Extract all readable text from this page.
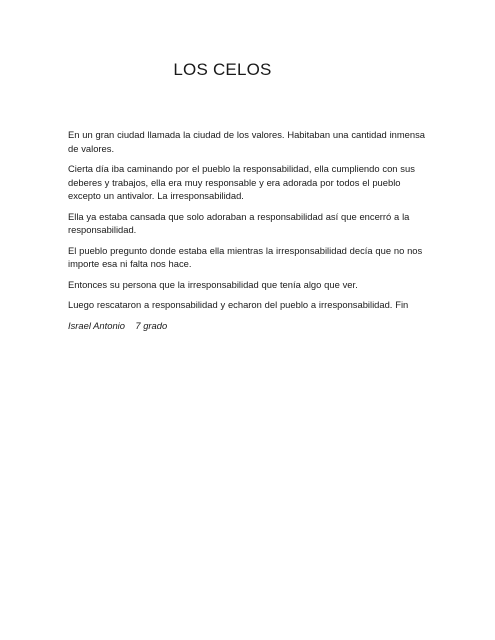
LOS CELOS

En un gran ciudad llamada la ciudad de los valores. Habitaban una cantidad inmensa de valores.

Cierta día iba caminando por el pueblo la responsabilidad, ella cumpliendo con sus deberes y trabajos, ella era muy responsable y era adorada por todos el pueblo excepto un antivalor. La irresponsabilidad.

Ella ya estaba cansada que solo adoraban a responsabilidad así que encerró a la responsabilidad.

El pueblo pregunto donde estaba ella mientras la irresponsabilidad decía que no nos importe esa ni falta nos hace.

Entonces su persona que la irresponsabilidad que tenía algo que ver.

Luego rescataron a responsabilidad y echaron del pueblo a irresponsabilidad. Fin

Israel Antonio    7 grado
